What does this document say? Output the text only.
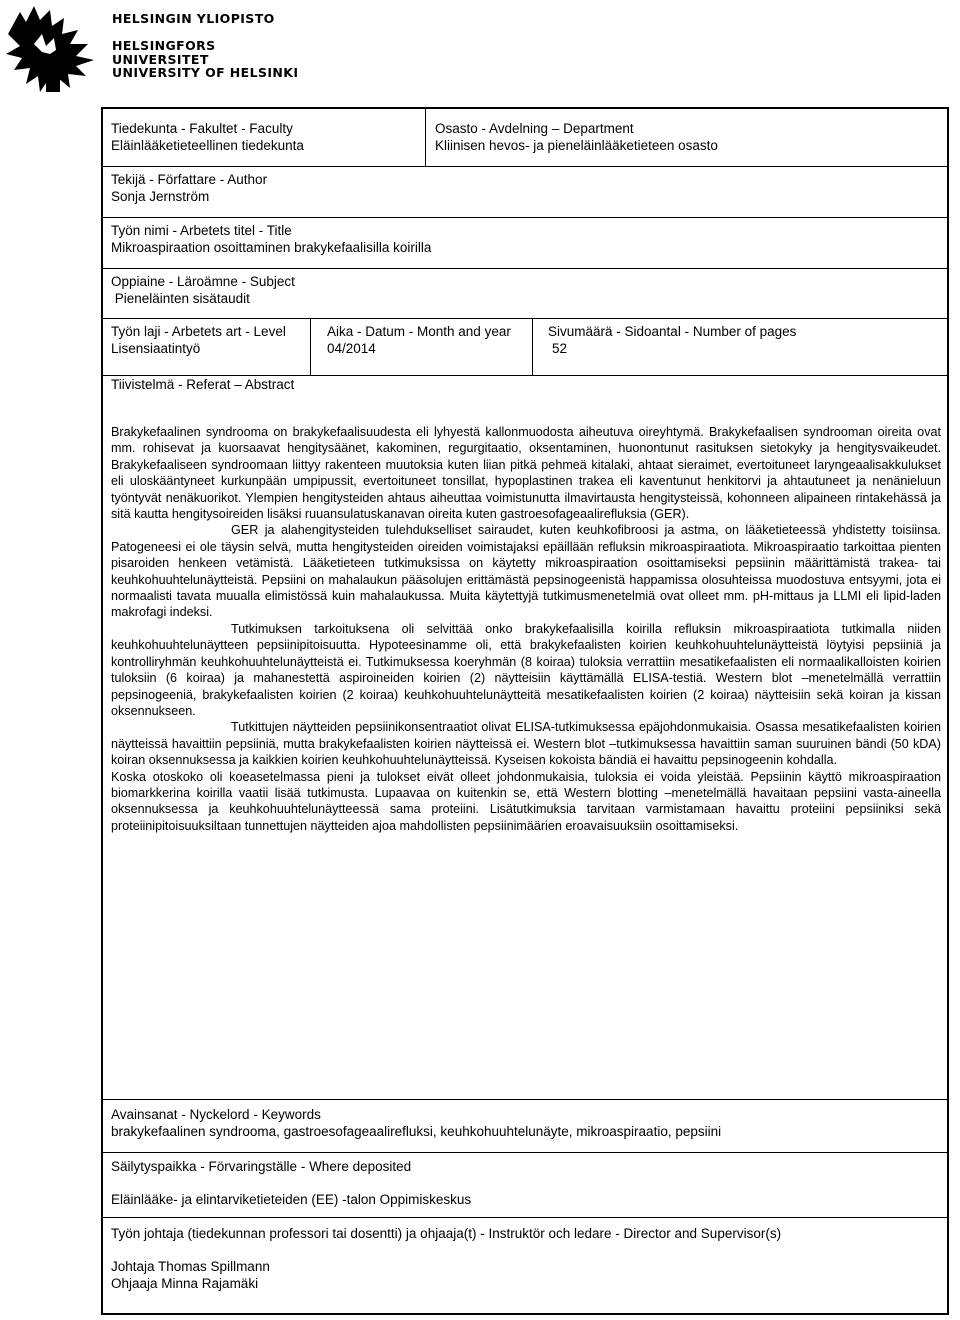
HELSINGIN YLIOPISTO
HELSINGFORS UNIVERSITET
UNIVERSITY OF HELSINKI
Tiedekunta - Fakultet - Faculty
Eläinlääketieteellinen tiedekunta
Osasto - Avdelning – Department
Kliinisen hevos- ja pieneläinlääketieteen osasto
Tekijä - Författare - Author
Sonja Jernström
Työn nimi - Arbetets titel - Title
Mikroaspiraation osoittaminen brakykefaalisilla koirilla
Oppiaine - Läroämne - Subject
Pieneläinten sisätaudit
Työn laji - Arbetets art - Level
Lisensiaatintyö
Aika - Datum - Month and year
04/2014
Sivumäärä - Sidoantal - Number of pages
52
Tiivistelmä - Referat – Abstract

Brakykefaalinen syndrooma on brakykefaalisuudesta eli lyhyestä kallonmuodosta aiheutuva oireyhtymä. Brakykefaalisen syndrooman oireita ovat mm. rohisevat ja kuorsaavat hengitysäänet, kakominen, regurgitaatio, oksentaminen, huonontunut rasituksen sietokyky ja hengitysvaikeudet. Brakykefaaliseen syndroomaan liittyy rakenteen muutoksia kuten liian pitkä pehmeä kitalaki, ahtaat sieraimet, evertoituneet laryngeaalisakkulukset eli uloskääntyneet kurkunpään umpipussit, evertoituneet tonsillat, hypoplastinen trakea eli kaventunut henkitorvi ja ahtautuneet ja nenänieluun työntyvät nenäkuorikot. Ylempien hengitysteiden ahtaus aiheuttaa voimistunutta ilmavirtausta hengitysteissä, kohonneen alipaineen rintakehässä ja sitä kautta hengitysoireiden lisäksi ruuansulatuskanavan oireita kuten gastroesofageaalirefluksia (GER).

GER ja alahengitysteiden tulehdukselliset sairaudet, kuten keuhkofibroosi ja astma, on lääketieteessä yhdistetty toisiinsa. Patogeneesi ei ole täysin selvä, mutta hengitysteiden oireiden voimistajaksi epäillään refluksin mikroaspiraatiota. Mikroaspiraatio tarkoittaa pienten pisaroiden henkeen vetämistä. Lääketieteen tutkimuksissa on käytetty mikroaspiraation osoittamiseksi pepsiinin määrittämistä trakea- tai keuhkohuuhtelunäytteistä. Pepsiini on mahalaukun pääsolujen erittämästä pepsinogeenistä happamissa olosuhteissa muodostuva entsyymi, jota ei normaalisti tavata muualla elimistössä kuin mahalaukussa. Muita käytettyjä tutkimusmenetelmiä ovat olleet mm. pH-mittaus ja LLMI eli lipid-laden makrofagi indeksi.

Tutkimuksen tarkoituksena oli selvittää onko brakykefaalisilla koirilla refluksin mikroaspiraatiota tutkimalla niiden keuhkohuuhtelunäytteen pepsiinipitoisuutta. Hypoteesinamme oli, että brakykefaalisten koirien keuhkohuuhtelunäytteistä löytyisi pepsiiniä ja kontrolliryhmän keuhkohuuhtelunäytteistä ei. Tutkimuksessa koeryhmän (8 koiraa) tuloksia verrattiin mesatikefaalisten eli normaalikalloisten koirien tuloksiin (6 koiraa) ja mahanestettä aspiroineiden koirien (2) näytteisiin käyttämällä ELISA-testiä. Western blot –menetelmällä verrattiin pepsinogeeniä, brakykefaalisten koirien (2 koiraa) keuhkohuuhtelunäytteitä mesatikefaalisten koirien (2 koiraa) näytteisiin sekä koiran ja kissan oksennukseen.

Tutkittujen näytteiden pepsiinikonsentraatiot olivat ELISA-tutkimuksessa epäjohdonmukaisia. Osassa mesatikefaalisten koirien näytteissä havaittiin pepsiiniä, mutta brakykefaalisten koirien näytteissä ei. Western blot –tutkimuksessa havaittiin saman suuruinen bändi (50 kDA) koiran oksennuksessa ja kaikkien koirien keuhkohuuhtelunäytteissä. Kyseisen kokoista bändiä ei havaittu pepsinogeenin kohdalla.

Koska otoskoko oli koeasetelmassa pieni ja tulokset eivät olleet johdonmukaisia, tuloksia ei voida yleistää. Pepsiinin käyttö mikroaspiraation biomarkkerina koirilla vaatii lisää tutkimusta. Lupaavaa on kuitenkin se, että Western blotting –menetelmällä havaitaan pepsiini vasta-aineella oksennuksessa ja keuhkohuuhtelunäytteessä sama proteiini. Lisätutkimuksia tarvitaan varmistamaan havaittu proteiini pepsiiniksi sekä proteiinipitoisuuksiltaan tunnettujen näytteiden ajoa mahdollisten pepsiinimäärien eroavaisuuksiin osoittamiseksi.

Avainsanat - Nyckelord - Keywords
brakykefaalinen syndrooma, gastroesofageaalirefluksi, keuhkohuuhtelunäyte, mikroaspiraatio, pepsiini
Säilytyspaikka - Förvaringställe - Where deposited
Eläinlääke- ja elintarviketieteiden (EE) -talon Oppimiskeskus
Työn johtaja (tiedekunnan professori tai dosentti) ja ohjaaja(t) - Instruktör och ledare - Director and Supervisor(s)
Johtaja Thomas Spillmann
Ohjaaja Minna Rajamäki
